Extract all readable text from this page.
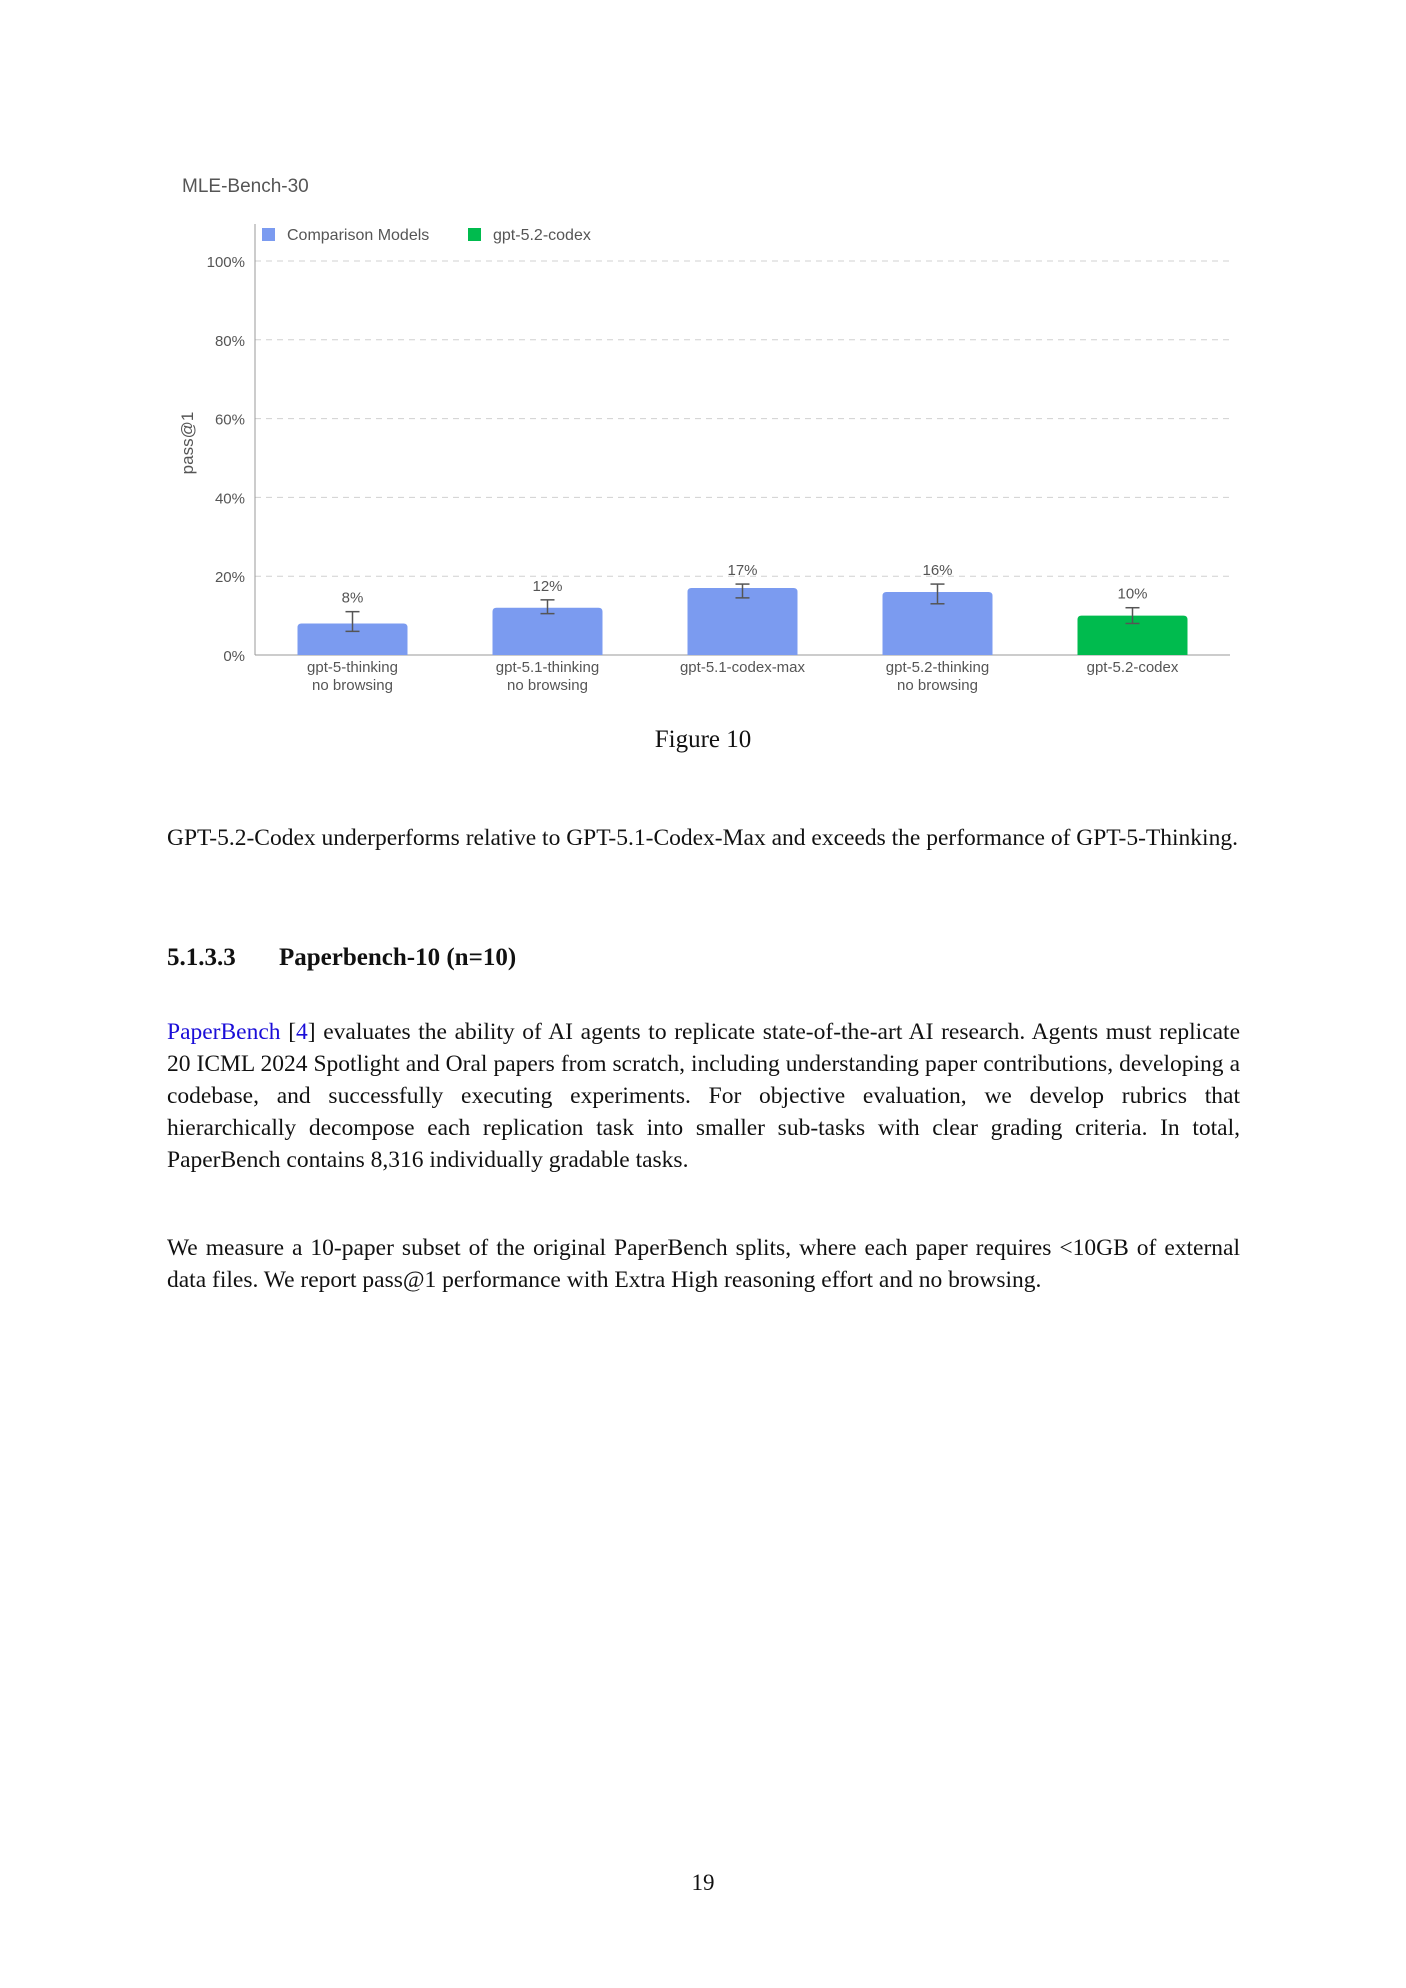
MLE-Bench-30
Comparison Models	gpt-5.2-codex
pass@1
0%
20%
40%
60%
80%
100%
8%
gpt-5-thinking
no browsing
12%
gpt-5.1-thinking
no browsing
17%
gpt-5.1-codex-max
16%
gpt-5.2-thinking
no browsing
10%
gpt-5.2-codex
Figure 10

GPT-5.2-Codex underperforms relative to GPT-5.1-Codex-Max and exceeds the performance of GPT-5-Thinking.

5.1.3.3 Paperbench-10 (n=10)

PaperBench [4] evaluates the ability of AI agents to replicate state-of-the-art AI research. Agents must replicate 20 ICML 2024 Spotlight and Oral papers from scratch, including understanding paper contributions, developing a codebase, and successfully executing experiments. For objective evaluation, we develop rubrics that hierarchically decompose each replication task into smaller sub-tasks with clear grading criteria. In total, PaperBench contains 8,316 individually gradable tasks.

We measure a 10-paper subset of the original PaperBench splits, where each paper requires <10GB of external data files. We report pass@1 performance with Extra High reasoning effort and no browsing.

19
